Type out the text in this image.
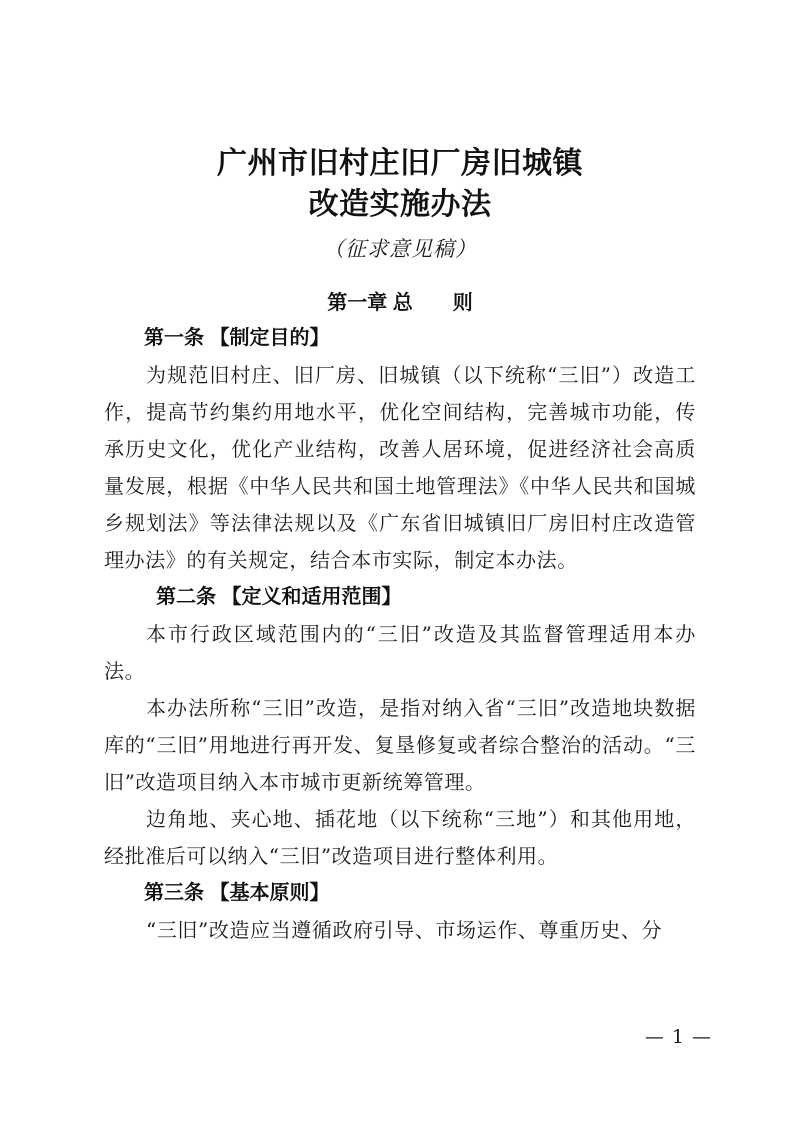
广州市旧村庄旧厂房旧城镇
改造实施办法

（征求意见稿）

第一章 总　　则
第一条 【制定目的】

为规范旧村庄、旧厂房、旧城镇（以下统称“三旧”）改造工作，提高节约集约用地水平，优化空间结构，完善城市功能，传承历史文化，优化产业结构，改善人居环境，促进经济社会高质量发展，根据《中华人民共和国土地管理法》《中华人民共和国城乡规划法》等法律法规以及《广东省旧城镇旧厂房旧村庄改造管理办法》的有关规定，结合本市实际，制定本办法。

第二条 【定义和适用范围】

本市行政区域范围内的“三旧”改造及其监督管理适用本办法。

本办法所称“三旧”改造，是指对纳入省“三旧”改造地块数据库的“三旧”用地进行再开发、复垦修复或者综合整治的活动。“三旧”改造项目纳入本市城市更新统筹管理。

边角地、夹心地、插花地（以下统称“三地”）和其他用地，经批准后可以纳入“三旧”改造项目进行整体利用。

第三条 【基本原则】

“三旧”改造应当遵循政府引导、市场运作、尊重历史、分

— 1 —
